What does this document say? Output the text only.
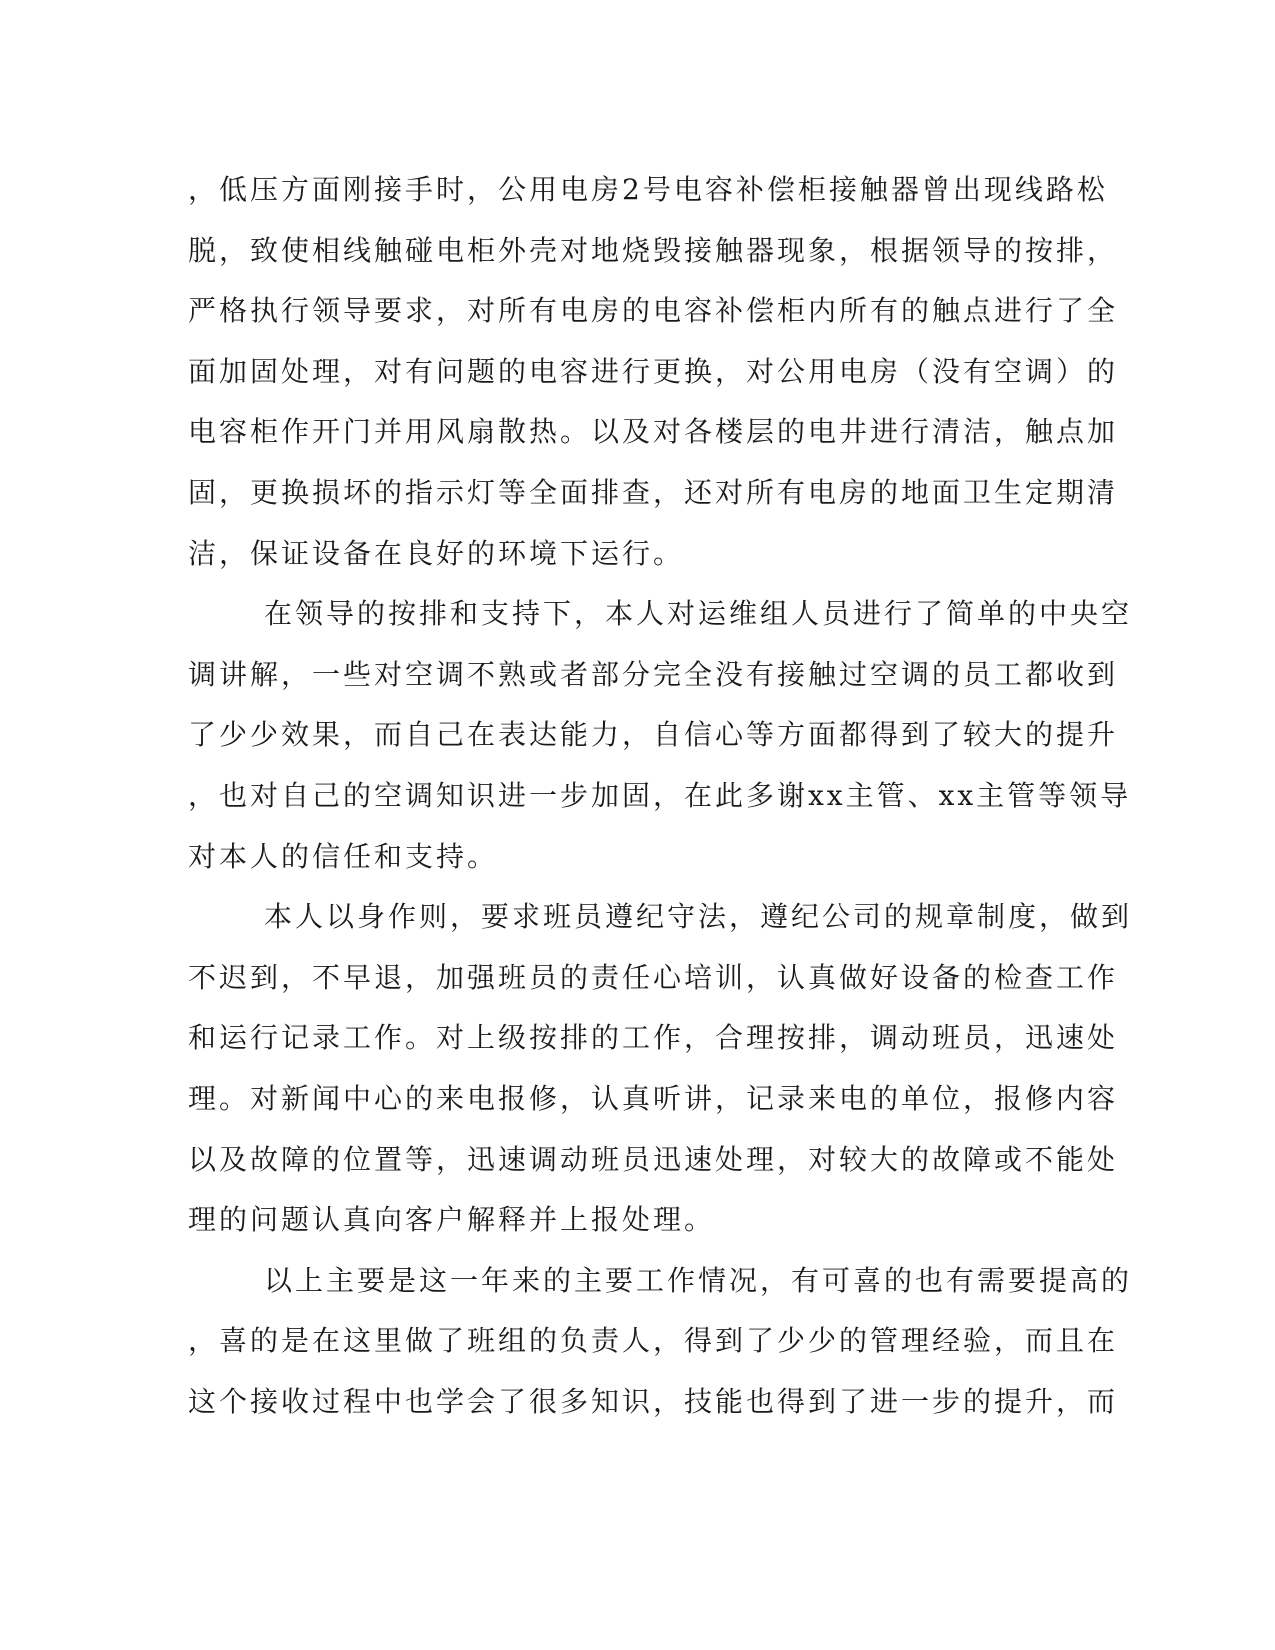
，低压方面刚接手时，公用电房2号电容补偿柜接触器曾出现线路松
脱，致使相线触碰电柜外壳对地烧毁接触器现象，根据领导的按排，
严格执行领导要求，对所有电房的电容补偿柜内所有的触点进行了全
面加固处理，对有问题的电容进行更换，对公用电房（没有空调）的
电容柜作开门并用风扇散热。以及对各楼层的电井进行清洁，触点加
固，更换损坏的指示灯等全面排查，还对所有电房的地面卫生定期清
洁，保证设备在良好的环境下运行。
在领导的按排和支持下，本人对运维组人员进行了简单的中央空
调讲解，一些对空调不熟或者部分完全没有接触过空调的员工都收到
了少少效果，而自己在表达能力，自信心等方面都得到了较大的提升
，也对自己的空调知识进一步加固，在此多谢xx主管、xx主管等领导
对本人的信任和支持。
本人以身作则，要求班员遵纪守法，遵纪公司的规章制度，做到
不迟到，不早退，加强班员的责任心培训，认真做好设备的检查工作
和运行记录工作。对上级按排的工作，合理按排，调动班员，迅速处
理。对新闻中心的来电报修，认真听讲，记录来电的单位，报修内容
以及故障的位置等，迅速调动班员迅速处理，对较大的故障或不能处
理的问题认真向客户解释并上报处理。
以上主要是这一年来的主要工作情况，有可喜的也有需要提高的
，喜的是在这里做了班组的负责人，得到了少少的管理经验，而且在
这个接收过程中也学会了很多知识，技能也得到了进一步的提升，而
